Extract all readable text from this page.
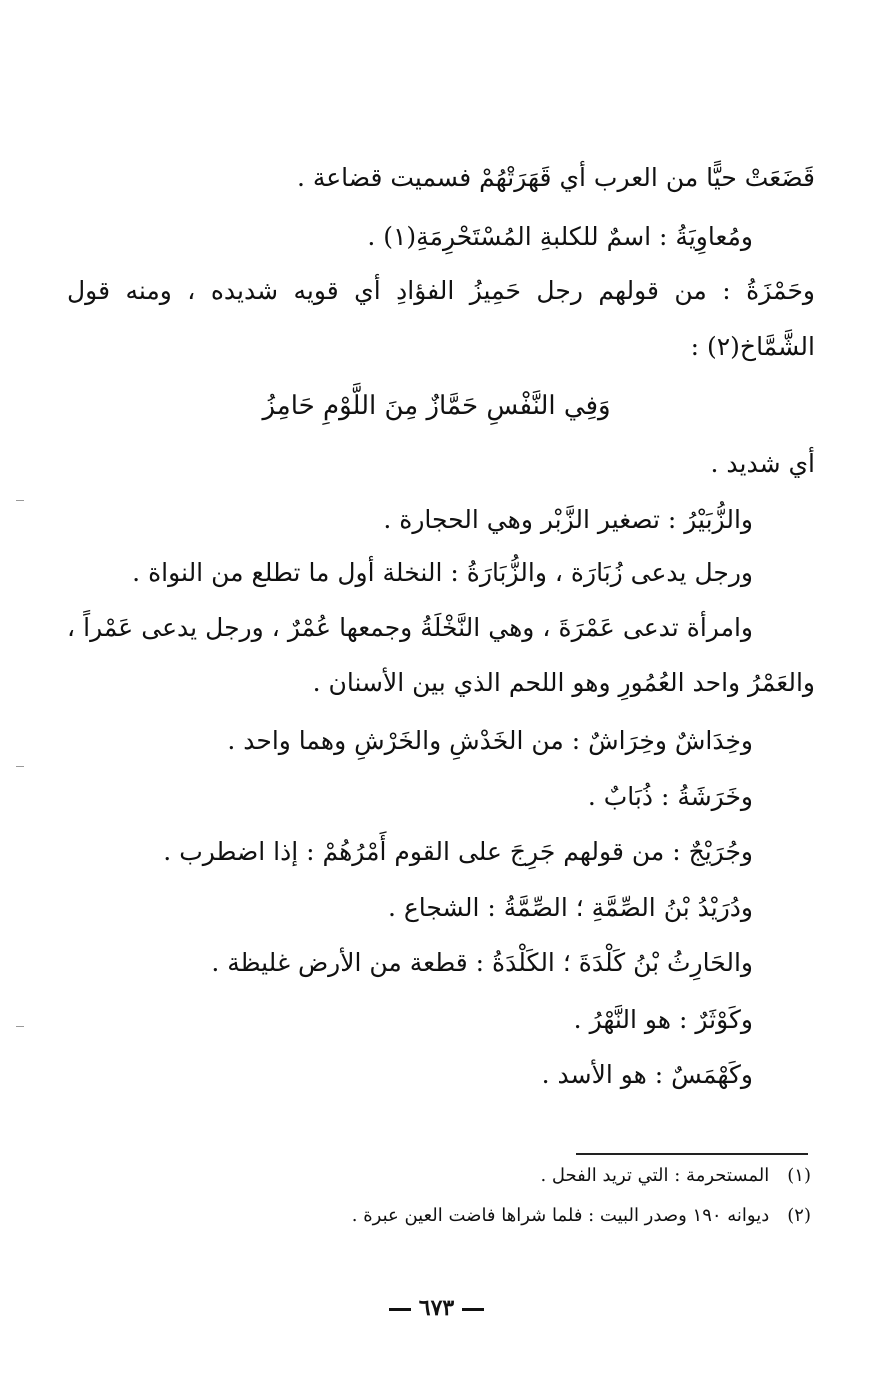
قَضَعَتْ حيًّا من العرب أي قَهَرَتْهُمْ فسميت قضاعة .
ومُعاوِيَةُ : اسمٌ للكلبةِ المُسْتَحْرِمَةِ(١) .
وحَمْزَةُ : من قولهم رجل حَمِيزُ الفؤادِ أي قويه شديده ، ومنه قول
الشَّمَّاخ(٢) :
وَفِي النَّفْسِ حَمَّازٌ مِنَ اللَّوْمِ حَامِزُ
أي شديد .
والزُّبَيْرُ : تصغير الزَّبْر وهي الحجارة .
ورجل يدعى زُبَارَة ، والزُّبَارَةُ : النخلة أول ما تطلع من النواة .
وامرأة تدعى عَمْرَةَ ، وهي النَّخْلَةُ وجمعها عُمْرٌ ، ورجل يدعى عَمْراً ،
والعَمْرُ واحد العُمُورِ وهو اللحم الذي بين الأسنان .
وخِدَاشٌ وخِرَاشٌ : من الخَدْشِ والخَرْشِ وهما واحد .
وخَرَشَةُ : ذُبَابٌ .
وجُرَيْجٌ : من قولهم جَرِجَ على القوم أَمْرُهُمْ : إذا اضطرب .
ودُرَيْدُ بْنُ الصِّمَّةِ ؛ الصِّمَّةُ : الشجاع .
والحَارِثُ بْنُ كَلْدَةَ ؛ الكَلْدَةُ : قطعة من الأرض غليظة .
وكَوْثَرٌ : هو النَّهْرُ .
وكَهْمَسٌ : هو الأسد .
(١)المستحرمة : التي تريد الفحل .
(٢)ديوانه ١٩٠ وصدر البيت : فلما شراها فاضت العين عبرة .
٦٧٣
